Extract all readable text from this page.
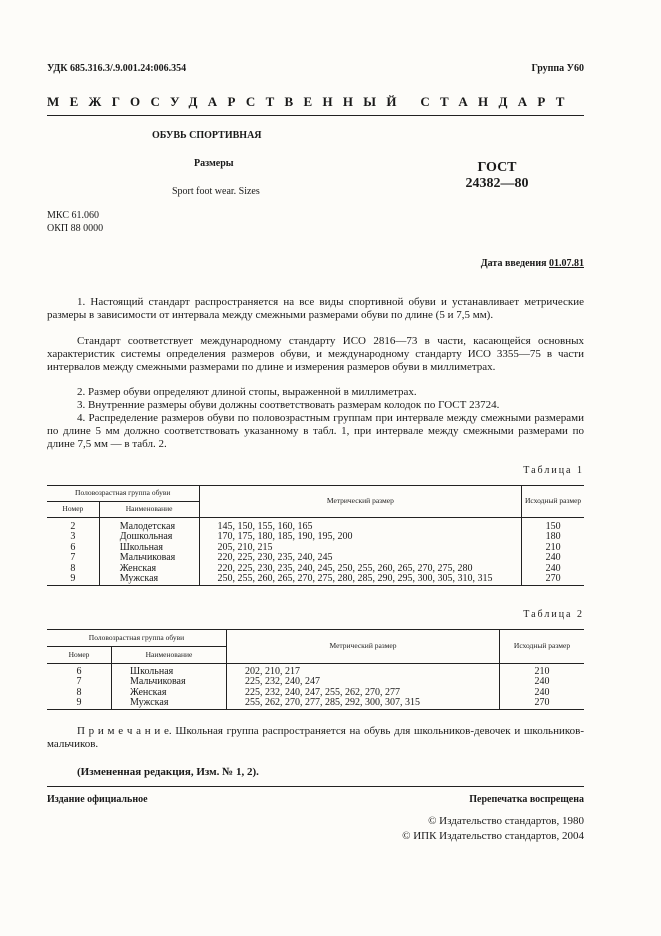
УДК 685.316.3/.9.001.24:006.354	Группа У60
МЕЖГОСУДАРСТВЕННЫЙ СТАНДАРТ
ОБУВЬ СПОРТИВНАЯ
Размеры
Sport foot wear. Sizes
ГОСТ
24382—80
МКС 61.060
ОКП 88 0000
Дата введения 01.07.81
1. Настоящий стандарт распространяется на все виды спортивной обуви и устанавливает метрические размеры в зависимости от интервала между смежными размерами обуви по длине (5 и 7,5 мм).
Стандарт соответствует международному стандарту ИСО 2816—73 в части, касающейся основных характеристик системы определения размеров обуви, и международному стандарту ИСО 3355—75 в части интервалов между смежными размерами по длине и измерения размеров обуви в миллиметрах.
2. Размер обуви определяют длиной стопы, выраженной в миллиметрах.
3. Внутренние размеры обуви должны соответствовать размерам колодок по ГОСТ 23724.
4. Распределение размеров обуви по половозрастным группам при интервале между смежными размерами по длине 5 мм должно соответствовать указанному в табл. 1, при интервале между смежными размерами по длине 7,5 мм — в табл. 2.
Таблица 1
Половозрастная группа обуви		Метрический размер	Исходный размер
Номер	Наименование		

2	Малодетская	145, 150, 155, 160, 165	150
3	Дошкольная	170, 175, 180, 185, 190, 195, 200	180
6	Школьная	205, 210, 215	210
7	Мальчиковая	220, 225, 230, 235, 240, 245	240
8	Женская	220, 225, 230, 235, 240, 245, 250, 255, 260, 265, 270, 275, 280	240
9	Мужская	250, 255, 260, 265, 270, 275, 280, 285, 290, 295, 300, 305, 310, 315	270
Таблица 2
Половозрастная группа обуви		Метрический размер	Исходный размер
Номер	Наименование		

6	Школьная	202, 210, 217	210
7	Мальчиковая	225, 232, 240, 247	240
8	Женская	225, 232, 240, 247, 255, 262, 270, 277	240
9	Мужская	255, 262, 270, 277, 285, 292, 300, 307, 315	270
П р и м е ч а н и е. Школьная группа распространяется на обувь для школьников-девочек и школьников-мальчиков.
(Измененная редакция, Изм. № 1, 2).
Издание официальное	Перепечатка воспрещена
© Издательство стандартов, 1980
© ИПК Издательство стандартов, 2004
